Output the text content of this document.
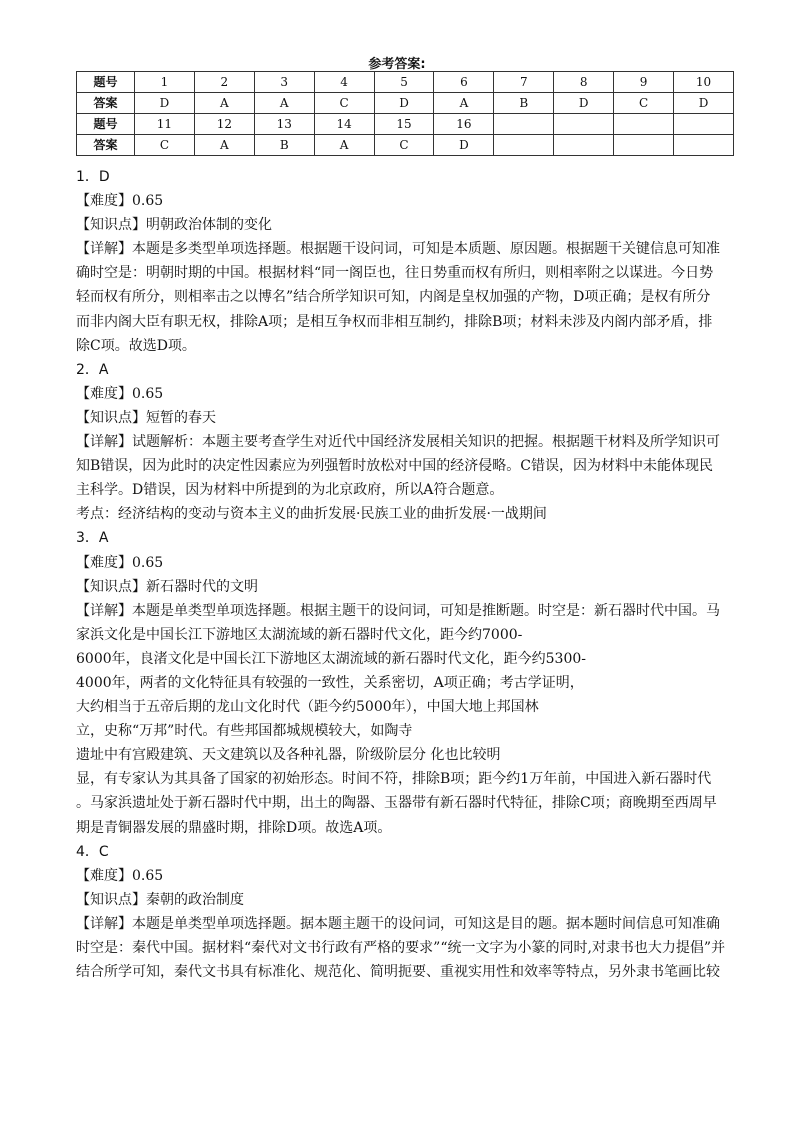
参考答案:
题号	1	2	3	4	5	6	7	8	9	10
答案	D	A	A	C	D	A	B	D	C	D
题号	11	12	13	14	15	16				
答案	C	A	B	A	C	D				
1．D
【难度】0.65
【知识点】明朝政治体制的变化
【详解】本题是多类型单项选择题。根据题干设问词，可知是本质题、原因题。根据题干关键信息可知准
确时空是：明朝时期的中国。根据材料“同一阁臣也，往日势重而权有所归，则相率附之以谋进。今日势
轻而权有所分，则相率击之以博名”结合所学知识可知，内阁是皇权加强的产物，D项正确；是权有所分
而非内阁大臣有职无权，排除A项；是相互争权而非相互制约，排除B项；材料未涉及内阁内部矛盾，排
除C项。故选D项。
2．A
【难度】0.65
【知识点】短暂的春天
【详解】试题解析：本题主要考查学生对近代中国经济发展相关知识的把握。根据题干材料及所学知识可
知B错误，因为此时的决定性因素应为列强暂时放松对中国的经济侵略。C错误，因为材料中未能体现民
主科学。D错误，因为材料中所提到的为北京政府，所以A符合题意。
考点：经济结构的变动与资本主义的曲折发展·民族工业的曲折发展·一战期间
3．A
【难度】0.65
【知识点】新石器时代的文明
【详解】本题是单类型单项选择题。根据主题干的设问词，可知是推断题。时空是：新石器时代中国。马
家浜文化是中国长江下游地区太湖流域的新石器时代文化，距今约7000-
6000年，良渚文化是中国长江下游地区太湖流域的新石器时代文化，距今约5300-
4000年，两者的文化特征具有较强的一致性，关系密切，A项正确；考古学证明，
大约相当于五帝后期的龙山文化时代（距今约5000年），中国大地上邦国林
立，史称“万邦”时代。有些邦国都城规模较大，如陶寺
遗址中有宫殿建筑、天文建筑以及各种礼器，阶级阶层分 化也比较明
显，有专家认为其具备了国家的初始形态。时间不符，排除B项；距今约1万年前，中国进入新石器时代
。马家浜遗址处于新石器时代中期，出土的陶器、玉器带有新石器时代特征，排除C项；商晚期至西周早
期是青铜器发展的鼎盛时期，排除D项。故选A项。
4．C
【难度】0.65
【知识点】秦朝的政治制度
【详解】本题是单类型单项选择题。据本题主题干的设问词，可知这是目的题。据本题时间信息可知准确
时空是：秦代中国。据材料“秦代对文书行政有严格的要求”“统一文字为小篆的同时,对隶书也大力提倡”并
结合所学可知，秦代文书具有标准化、规范化、简明扼要、重视实用性和效率等特点，另外隶书笔画比较
